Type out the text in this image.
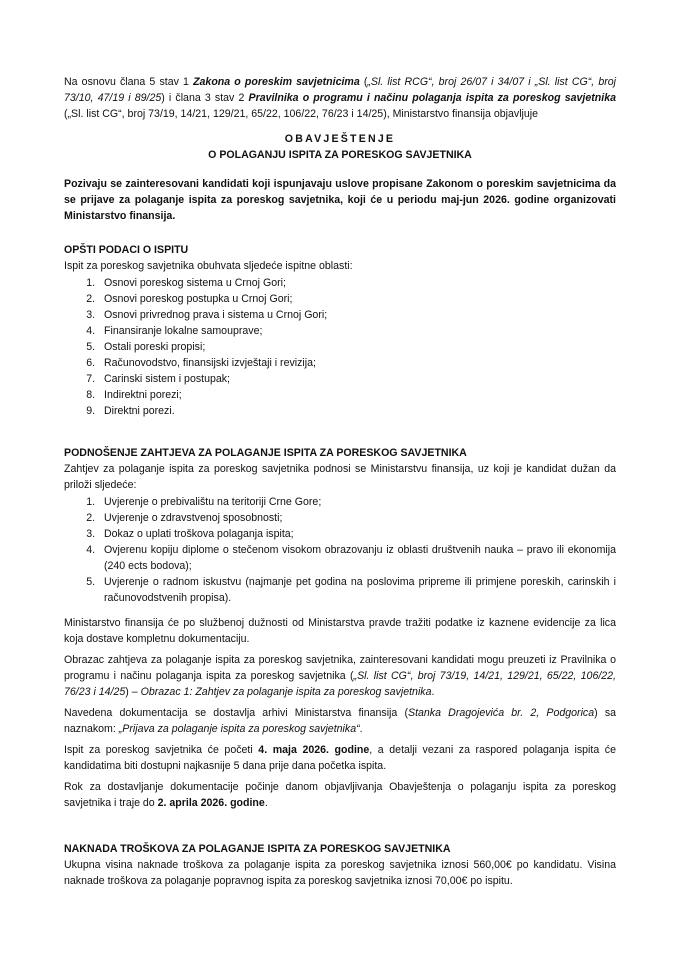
Na osnovu člana 5 stav 1 Zakona o poreskim savjetnicima („Sl. list RCG“, broj 26/07 i 34/07 i „Sl. list CG“, broj 73/10, 47/19 i 89/25) i člana 3 stav 2 Pravilnika o programu i načinu polaganja ispita za poreskog savjetnika („Sl. list CG“, broj 73/19, 14/21, 129/21, 65/22, 106/22, 76/23 i 14/25), Ministarstvo finansija objavljuje
OBAVJEŠTENJE
O POLAGANJU ISPITA ZA PORESKOG SAVJETNIKA
Pozivaju se zainteresovani kandidati koji ispunjavaju uslove propisane Zakonom o poreskim savjetnicima da se prijave za polaganje ispita za poreskog savjetnika, koji će u periodu maj-jun 2026. godine organizovati Ministarstvo finansija.
OPŠTI PODACI O ISPITU
Ispit za poreskog savjetnika obuhvata sljedeće ispitne oblasti:
1. Osnovi poreskog sistema u Crnoj Gori;
2. Osnovi poreskog postupka u Crnoj Gori;
3. Osnovi privrednog prava i sistema u Crnoj Gori;
4. Finansiranje lokalne samouprave;
5. Ostali poreski propisi;
6. Računovodstvo, finansijski izvještaji i revizija;
7. Carinski sistem i postupak;
8. Indirektni porezi;
9. Direktni porezi.
PODNOŠENJE ZAHTJEVA ZA POLAGANJE ISPITA ZA PORESKOG SAVJETNIKA
Zahtjev za polaganje ispita za poreskog savjetnika podnosi se Ministarstvu finansija, uz koji je kandidat dužan da priloži sljedeće:
1. Uvjerenje o prebivalištu na teritoriji Crne Gore;
2. Uvjerenje o zdravstvenoj sposobnosti;
3. Dokaz o uplati troškova polaganja ispita;
4. Ovjerenu kopiju diplome o stečenom visokom obrazovanju iz oblasti društvenih nauka – pravo ili ekonomija (240 ects bodova);
5. Uvjerenje o radnom iskustvu (najmanje pet godina na poslovima pripreme ili primjene poreskih, carinskih i računovodstvenih propisa).

Ministarstvo finansija će po službenoj dužnosti od Ministarstva pravde tražiti podatke iz kaznene evidencije za lica koja dostave kompletnu dokumentaciju.

Obrazac zahtjeva za polaganje ispita za poreskog savjetnika, zainteresovani kandidati mogu preuzeti iz Pravilnika o programu i načinu polaganja ispita za poreskog savjetnika („Sl. list CG“, broj 73/19, 14/21, 129/21, 65/22, 106/22, 76/23 i 14/25) – Obrazac 1: Zahtjev za polaganje ispita za poreskog savjetnika.

Navedena dokumentacija se dostavlja arhivi Ministarstva finansija (Stanka Dragojevića br. 2, Podgorica) sa naznakom: „Prijava za polaganje ispita za poreskog savjetnika“.

Ispit za poreskog savjetnika će početi 4. maja 2026. godine, a detalji vezani za raspored polaganja ispita će kandidatima biti dostupni najkasnije 5 dana prije dana početka ispita.

Rok za dostavljanje dokumentacije počinje danom objavljivanja Obavještenja o polaganju ispita za poreskog savjetnika i traje do 2. aprila 2026. godine.

NAKNADA TROŠKOVA ZA POLAGANJE ISPITA ZA PORESKOG SAVJETNIKA
Ukupna visina naknade troškova za polaganje ispita za poreskog savjetnika iznosi 560,00€ po kandidatu. Visina naknade troškova za polaganje popravnog ispita za poreskog savjetnika iznosi 70,00€ po ispitu.
